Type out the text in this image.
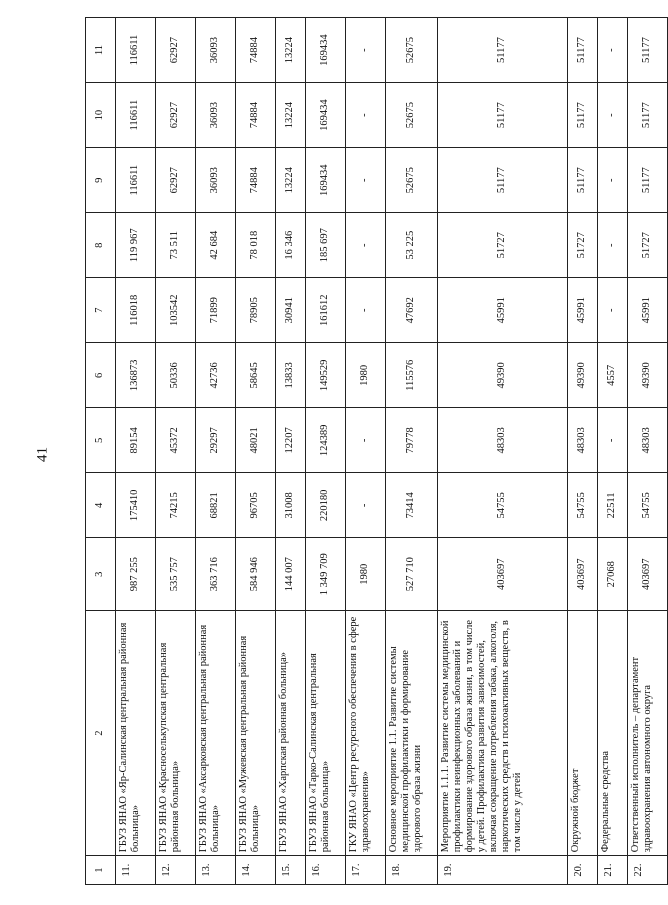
41
1	2	3	4	5	6	7	8	9	10	11
11.	ГБУЗ ЯНАО «Яр-Салинская центральная районная больница»	987 255	175410	89154	136873	116018	119 967	116611	116611	116611
12.	ГБУЗ ЯНАО «Красноселькупская центральная районная больница»	535 757	74215	45372	50336	103542	73 511	62927	62927	62927
13.	ГБУЗ ЯНАО «Аксарковская центральная районная больница»	363 716	68821	29297	42736	71899	42 684	36093	36093	36093
14.	ГБУЗ ЯНАО «Мужевская центральная районная больница»	584 946	96705	48021	58645	78905	78 018	74884	74884	74884
15.	ГБУЗ ЯНАО «Харпская районная больница»	144 007	31008	12207	13833	30941	16 346	13224	13224	13224
16.	ГБУЗ ЯНАО «Тарко-Салинская центральная районная больница»	1 349 709	220180	124389	149529	161612	185 697	169434	169434	169434
17.	ГКУ ЯНАО «Центр ресурсного обеспечения в сфере здравоохранения»	1980	-	-	1980	-	-	-	-	-
18.	Основное мероприятие 1.1. Развитие системы медицинской профилактики и формирование здорового образа жизни	527 710	73414	79778	115576	47692	53 225	52675	52675	52675
19.	Мероприятие 1.1.1. Развитие системы медицинской профилактики неинфекционных заболеваний и формирование здорового образа жизни, в том числе у детей. Профилактика развития зависимостей, включая сокращение потребления табака, алкоголя, наркотических средств и психоактивных веществ, в том числе у детей	403697	54755	48303	49390	45991	51727	51177	51177	51177
20.	Окружной бюджет	403697	54755	48303	49390	45991	51727	51177	51177	51177
21.	Федеральные средства	27068	22511	-	4557	-	-	-	-	-
22.	Ответственный исполнитель – департамент здравоохранения автономного округа	403697	54755	48303	49390	45991	51727	51177	51177	51177
